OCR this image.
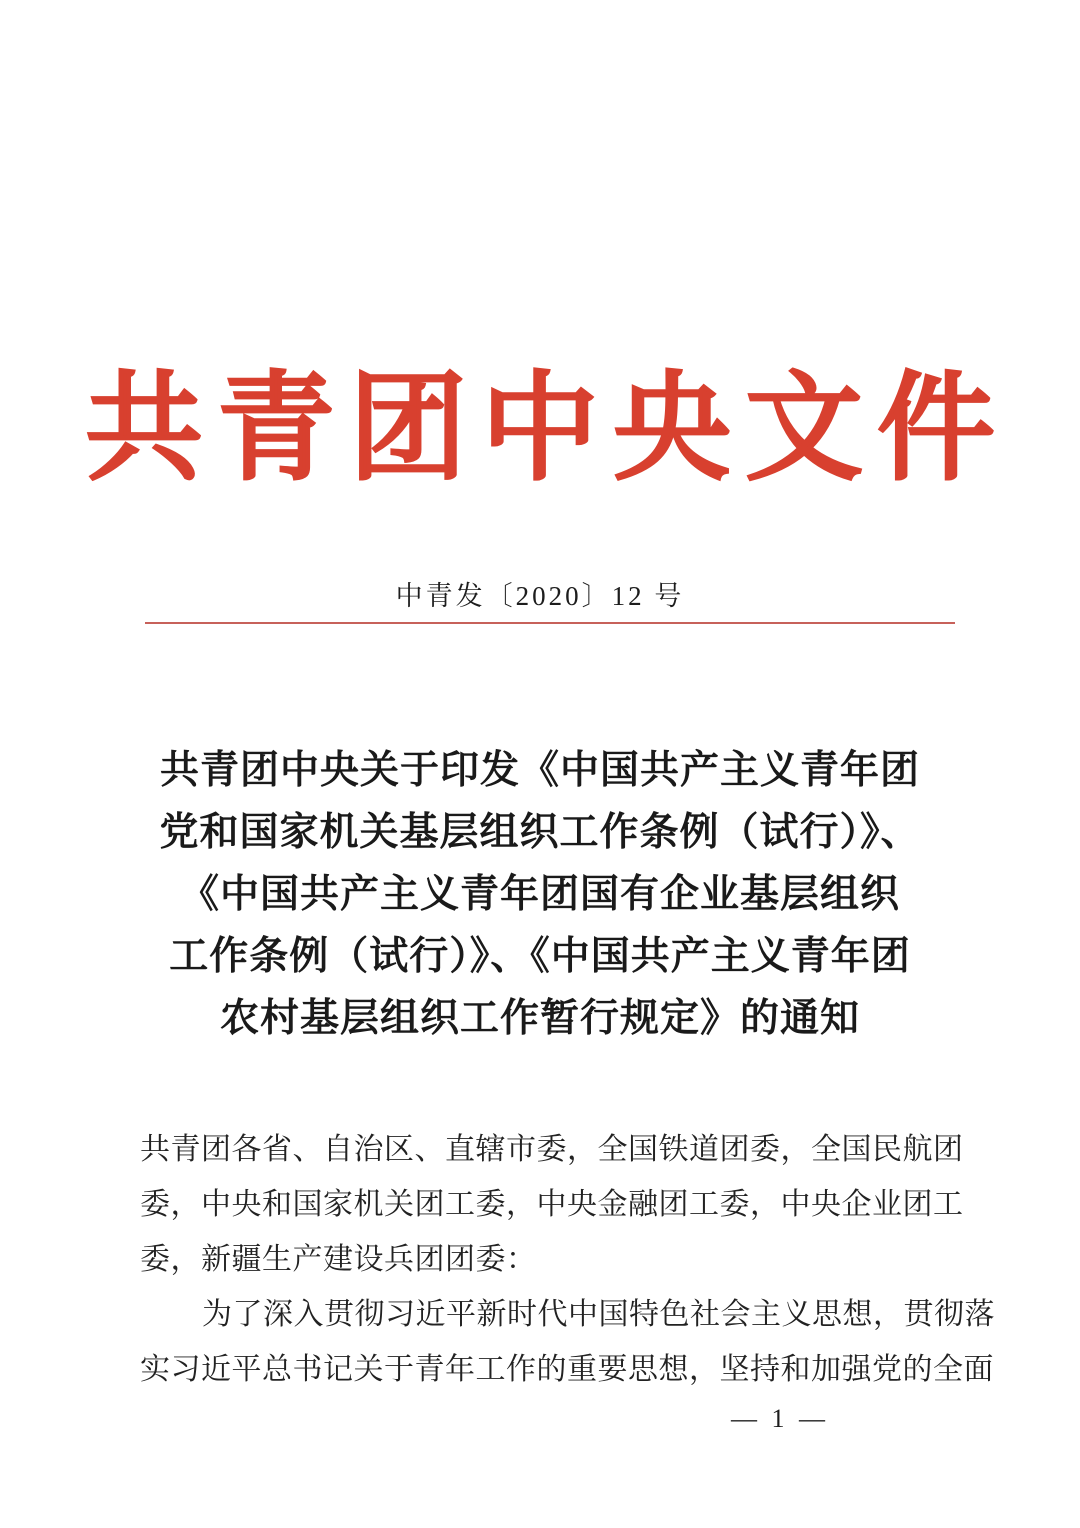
共青团中央文件
中青发〔2020〕12 号
共青团中央关于印发《中国共产主义青年团
党和国家机关基层组织工作条例（试行）》、
《中国共产主义青年团国有企业基层组织
工作条例（试行）》、《中国共产主义青年团
农村基层组织工作暂行规定》的通知
共青团各省、自治区、直辖市委，全国铁道团委，全国民航团
委，中央和国家机关团工委，中央金融团工委，中央企业团工
委，新疆生产建设兵团团委：
为了深入贯彻习近平新时代中国特色社会主义思想，贯彻落
实习近平总书记关于青年工作的重要思想，坚持和加强党的全面
— 1 —
